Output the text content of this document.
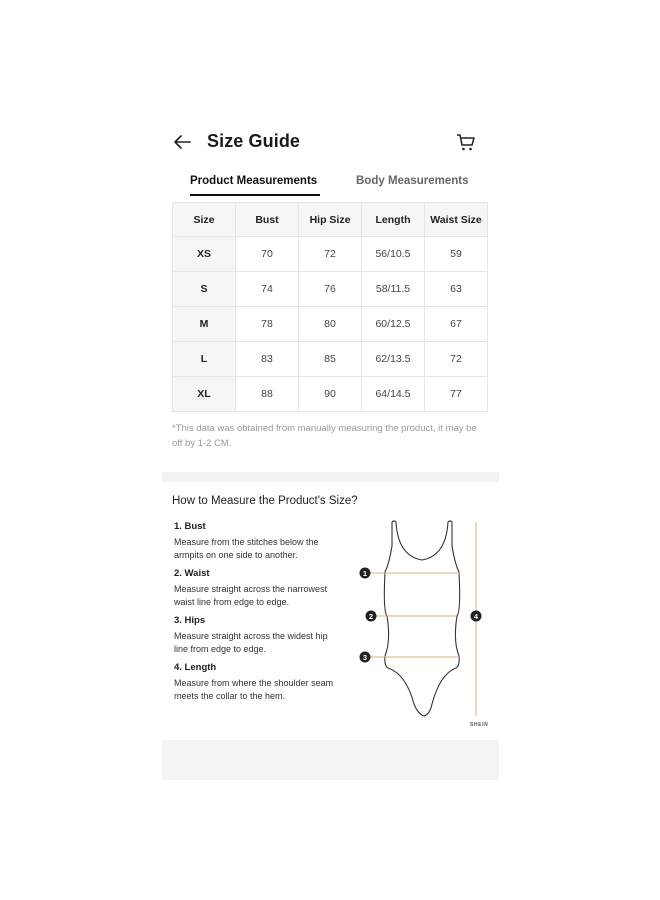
Size Guide
Product Measurements	Body Measurements
Size	Bust	Hip Size	Length	Waist Size
XS	70	72	56/10.5	59
S	74	76	58/11.5	63
M	78	80	60/12.5	67
L	83	85	62/13.5	72
XL	88	90	64/14.5	77
*This data was obtained from manually measuring the product, it may be off by 1-2 CM.
How to Measure the Product's Size?
1. Bust
Measure from the stitches below the armpits on one side to another.
2. Waist
Measure straight across the narrowest waist line from edge to edge.
3. Hips
Measure straight across the widest hip line from edge to edge.
4. Length
Measure from where the shoulder seam meets the collar to the hem.
1
2
3
4
SHEIN
